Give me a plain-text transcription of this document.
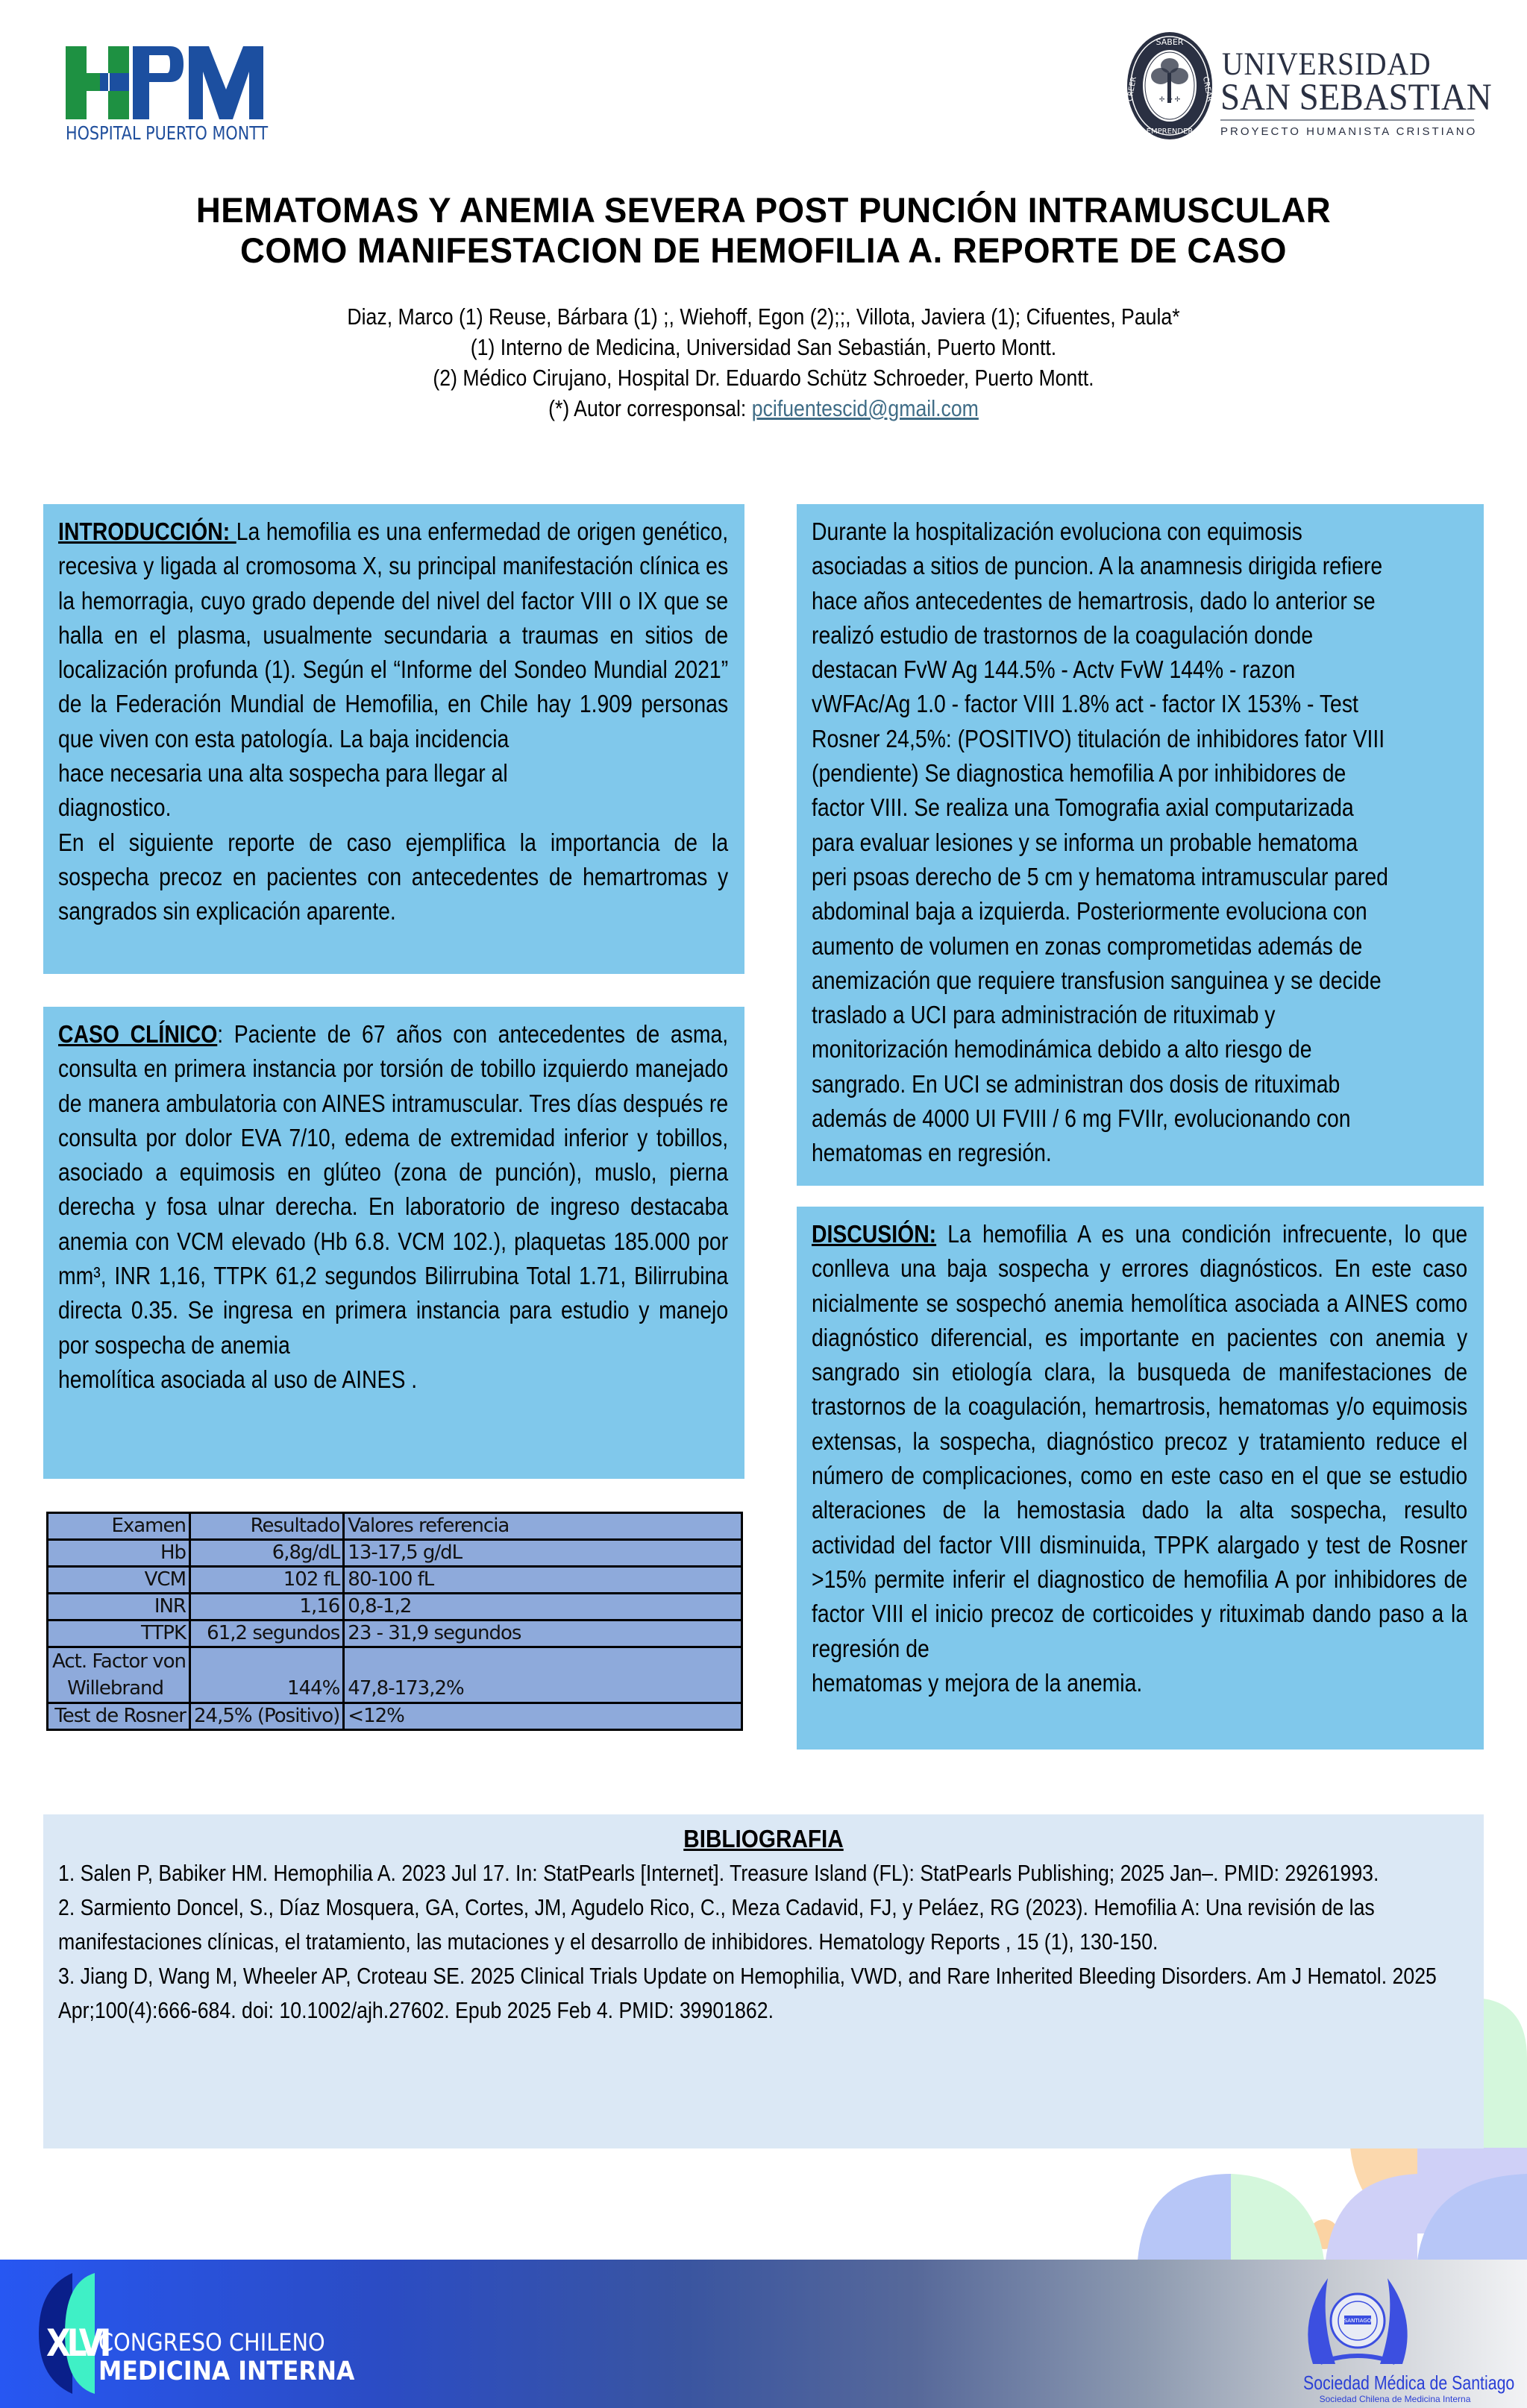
HOSPITAL PUERTO MONTT
✢ ✢ ✢
SABER
EMPRENDER
CREER	CREAR
UNIVERSIDAD
SAN SEBASTIAN
PROYECTO HUMANISTA CRISTIANO
HEMATOMAS Y ANEMIA SEVERA POST PUNCIÓN INTRAMUSCULAR
COMO MANIFESTACION DE HEMOFILIA A. REPORTE DE CASO
Diaz, Marco (1) Reuse, Bárbara (1) ;, Wiehoff, Egon (2);;, Villota, Javiera (1); Cifuentes, Paula*
(1) Interno de Medicina, Universidad San Sebastián, Puerto Montt.
(2) Médico Cirujano, Hospital Dr. Eduardo Schütz Schroeder, Puerto Montt.
(*) Autor corresponsal: pcifuentescid@gmail.com
INTRODUCCIÓN: La hemofilia es una enfermedad de origen genético, recesiva y ligada al cromosoma X, su principal manifestación clínica es la hemorragia, cuyo grado depende del nivel del factor VIII o IX que se halla en el plasma, usualmente secundaria a traumas en sitios de localización profunda (1). Según el “Informe del Sondeo Mundial 2021” de la Federación Mundial de Hemofilia, en Chile hay 1.909 personas que viven con esta patología. La baja incidencia
hace necesaria una alta sospecha para llegar al
diagnostico.
En el siguiente reporte de caso ejemplifica la importancia de la sospecha precoz en pacientes con antecedentes de hemartromas y sangrados sin explicación aparente.
CASO CLÍNICO: Paciente de 67 años con antecedentes de asma, consulta en primera instancia por torsión de tobillo izquierdo manejado de manera ambulatoria con AINES intramuscular. Tres días después re consulta por dolor EVA 7/10, edema de extremidad inferior y tobillos, asociado a equimosis en glúteo (zona de punción), muslo, pierna derecha y fosa ulnar derecha. En laboratorio de ingreso destacaba anemia con VCM elevado (Hb 6.8. VCM 102.), plaquetas 185.000 por mm³, INR 1,16, TTPK 61,2 segundos Bilirrubina Total 1.71, Bilirrubina directa 0.35. Se ingresa en primera instancia para estudio y manejo por sospecha de anemia
hemolítica asociada al uso de AINES .
Examen	Resultado	Valores referencia
Hb	6,8g/dL	13-17,5 g/dL
VCM	102 fL	80-100 fL
INR	1,16	0,8-1,2
TTPK	61,2 segundos	23 - 31,9 segundos

Act. Factor von
Willebrand	144%	47,8-173,2%
Test de Rosner	24,5% (Positivo)	<12%
Durante la hospitalización evoluciona con equimosis
asociadas a sitios de puncion. A la anamnesis dirigida refiere
hace años antecedentes de hemartrosis, dado lo anterior se
realizó estudio de trastornos de la coagulación donde
destacan FvW Ag 144.5% - Actv FvW 144% - razon
vWFAc/Ag 1.0 - factor VIII 1.8% act - factor IX 153% - Test
Rosner 24,5%: (POSITIVO) titulación de inhibidores fator VIII
(pendiente) Se diagnostica hemofilia A por inhibidores de
factor VIII. Se realiza una Tomografia axial computarizada
para evaluar lesiones y se informa un probable hematoma
peri psoas derecho de 5 cm y hematoma intramuscular pared
abdominal baja a izquierda. Posteriormente evoluciona con
aumento de volumen en zonas comprometidas además de
anemización que requiere transfusion sanguinea y se decide
traslado a UCI para administración de rituximab y
monitorización hemodinámica debido a alto riesgo de
sangrado. En UCI se administran dos dosis de rituximab
además de 4000 UI FVIII / 6 mg FVIIr, evolucionando con
hematomas en regresión.
DISCUSIÓN: La hemofilia A es una condición infrecuente, lo que conlleva una baja sospecha y errores diagnósticos. En este caso nicialmente se sospechó anemia hemolítica asociada a AINES como diagnóstico diferencial, es importante en pacientes con anemia y sangrado sin etiología clara, la busqueda de manifestaciones de trastornos de la coagulación, hemartrosis, hematomas y/o equimosis extensas, la sospecha, diagnóstico precoz y tratamiento reduce el número de complicaciones, como en este caso en el que se estudio alteraciones de la hemostasia dado la alta sospecha, resulto actividad del factor VIII disminuida, TPPK alargado y test de Rosner >15% permite inferir el diagnostico de hemofilia A por inhibidores de factor VIII el inicio precoz de corticoides y rituximab dando paso a la regresión de
hematomas y mejora de la anemia.
BIBLIOGRAFIA
1. Salen P, Babiker HM. Hemophilia A. 2023 Jul 17. In: StatPearls [Internet]. Treasure Island (FL): StatPearls Publishing; 2025 Jan–. PMID: 29261993.
2. Sarmiento Doncel, S., Díaz Mosquera, GA, Cortes, JM, Agudelo Rico, C., Meza Cadavid, FJ, y Peláez, RG (2023). Hemofilia A: Una revisión de las manifestaciones clínicas, el tratamiento, las mutaciones y el desarrollo de inhibidores. Hematology Reports , 15 (1), 130-150.
3. Jiang D, Wang M, Wheeler AP, Croteau SE. 2025 Clinical Trials Update on Hemophilia, VWD, and Rare Inherited Bleeding Disorders. Am J Hematol. 2025 Apr;100(4):666-684. doi: 10.1002/ajh.27602. Epub 2025 Feb 4. PMID: 39901862.
XLVI
CONGRESO CHILENO
MEDICINA INTERNA
SANTIAGO
Sociedad Médica de Santiago
Sociedad Chilena de Medicina Interna
